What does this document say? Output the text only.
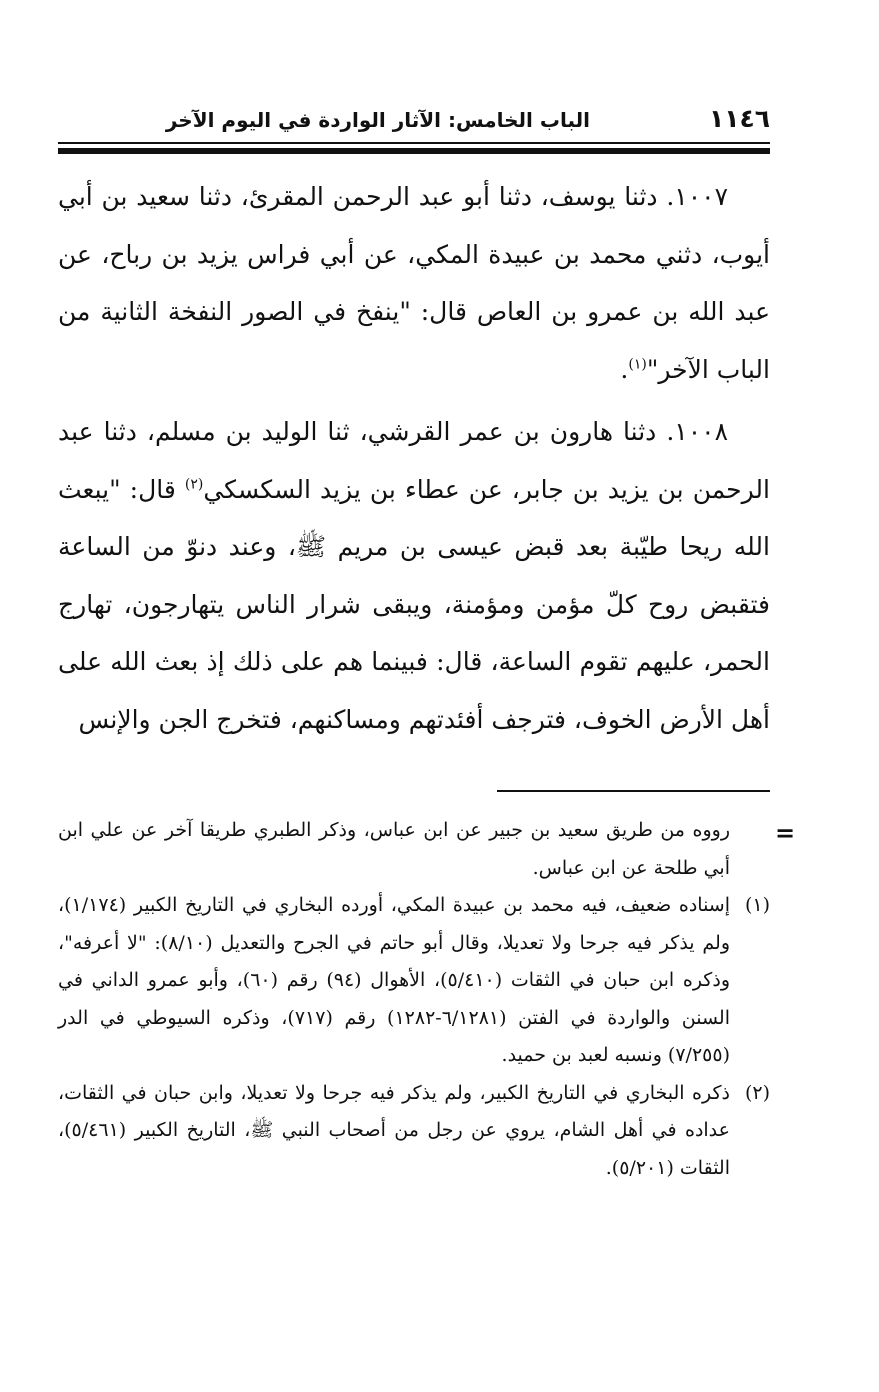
١١٤٦
الباب الخامس: الآثار الواردة في اليوم الآخر

١٠٠٧. دثنا يوسف، دثنا أبو عبد الرحمن المقرئ، دثنا سعيد بن أبي أيوب، دثني محمد بن عبيدة المكي، عن أبي فراس يزيد بن رباح، عن عبد الله بن عمرو بن العاص قال: "ينفخ في الصور النفخة الثانية من الباب الآخر"$^{(١)}$.

١٠٠٨. دثنا هارون بن عمر القرشي، ثنا الوليد بن مسلم، دثنا عبد الرحمن بن يزيد بن جابر، عن عطاء بن يزيد السكسكي$^{(٢)}$ قال: "يبعث الله ريحا طيّبة بعد قبض عيسى بن مريم ﷺ، وعند دنوّ من الساعة فتقبض روح كلّ مؤمن ومؤمنة، ويبقى شرار الناس يتهارجون، تهارج الحمر، عليهم تقوم الساعة، قال: فبينما هم على ذلك إذ بعث الله على أهل الأرض الخوف، فترجف أفئدتهم ومساكنهم، فتخرج الجن والإنس

=

رووه من طريق سعيد بن جبير عن ابن عباس، وذكر الطبري طريقا آخر عن علي ابن أبي طلحة عن ابن عباس.

(١)
إسناده ضعيف، فيه محمد بن عبيدة المكي، أورده البخاري في التاريخ الكبير (١/١٧٤)، ولم يذكر فيه جرحا ولا تعديلا، وقال أبو حاتم في الجرح والتعديل (٨/١٠): "لا أعرفه"، وذكره ابن حبان في الثقات (٥/٤١٠)، الأهوال (٩٤) رقم (٦٠)، وأبو عمرو الداني في السنن والواردة في الفتن (٦/١٢٨١-١٢٨٢) رقم (٧١٧)، وذكره السيوطي في الدر (٧/٢٥٥) ونسبه لعبد بن حميد.

(٢)
ذكره البخاري في التاريخ الكبير، ولم يذكر فيه جرحا ولا تعديلا، وابن حبان في الثقات، عداده في أهل الشام، يروي عن رجل من أصحاب النبي ﷺ، التاريخ الكبير (٥/٤٦١)، الثقات (٥/٢٠١).
